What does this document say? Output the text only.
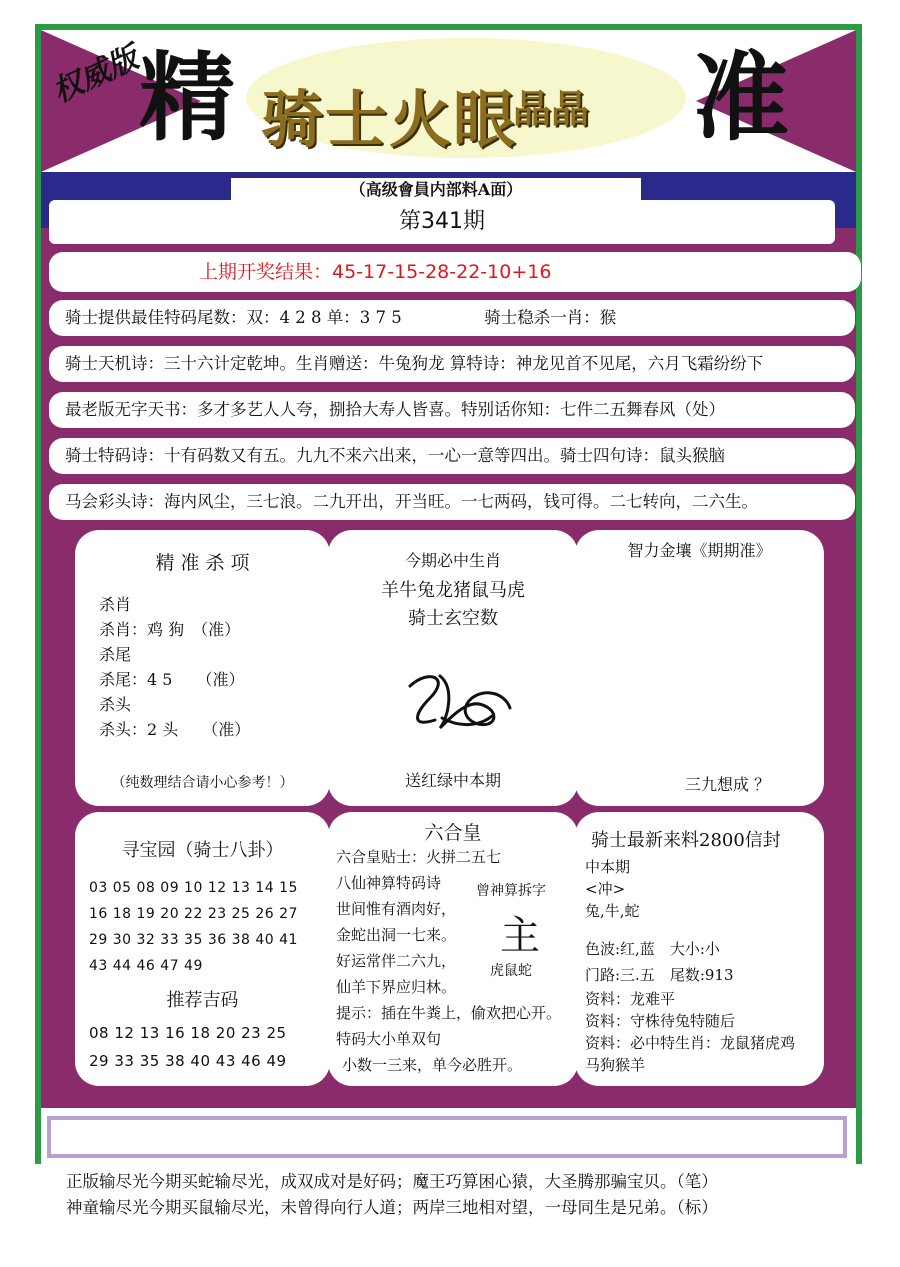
权威版
精 骑士火眼
晶晶 准
（高级會員内部料A面）
第341期
上期开奖结果：45-17-15-28-22-10+16
骑士提供最佳特码尾数：双：4 2 8 单：3 7 5　　　　　骑士稳杀一肖：猴
骑士天机诗：三十六计定乾坤。生肖赠送：牛兔狗龙 算特诗：神龙见首不见尾，六月飞霜纷纷下
最老版无字天书：多才多艺人人夸，捌拾大寿人皆喜。特别话你知：七件二五舞春风（处）
骑士特码诗：十有码数又有五。九九不来六出来，一心一意等四出。骑士四句诗：鼠头猴脑
马会彩头诗：海内风尘，三七浪。二九开出，开当旺。一七两码，钱可得。二七转向，二六生。
精 准 杀 项
杀肖
杀肖：鸡 狗　（准）
杀尾
杀尾：4 5　　（准）
杀头
杀头：2 头　　（准）
（纯数理结合请小心参考！）
今期必中生肖
羊牛兔龙猪鼠马虎
骑士玄空数
送红绿中本期
智力金壤《期期准》
三九想成 ？
寻宝园（骑士八卦）
03 05 08 09 10 12 13 14 15
16 18 19 20 22 23 25 26 27
29 30 32 33 35 36 38 40 41
43 44 46 47 49
推荐吉码
08 12 13 16 18 20 23 25
29 33 35 38 40 43 46 49
六合皇
六合皇贴士：火拼二五七
八仙神算特码诗
世间惟有酒肉好，
金蛇出洞一七来。
好运常伴二六九，
仙羊下界应归林。
提示：插在牛粪上，偷欢把心开。
特码大小单双句
小数一三来，单今必胜开。
曾神算拆字
主
虎鼠蛇
骑士最新来料2800信封
中本期
<冲>
兔,牛,蛇
色波:红,蓝　大小:小
门路:三.五　尾数:913
资料：龙难平
资料：守株待兔特随后
资料：必中特生肖：龙鼠猪虎鸡
马狗猴羊
正版输尽光今期买蛇输尽光，成双成对是好码；魔王巧算困心猿，大圣腾那骗宝贝。（笔）
神童输尽光今期买鼠输尽光，未曾得向行人道；两岸三地相对望，一母同生是兄弟。（标）
